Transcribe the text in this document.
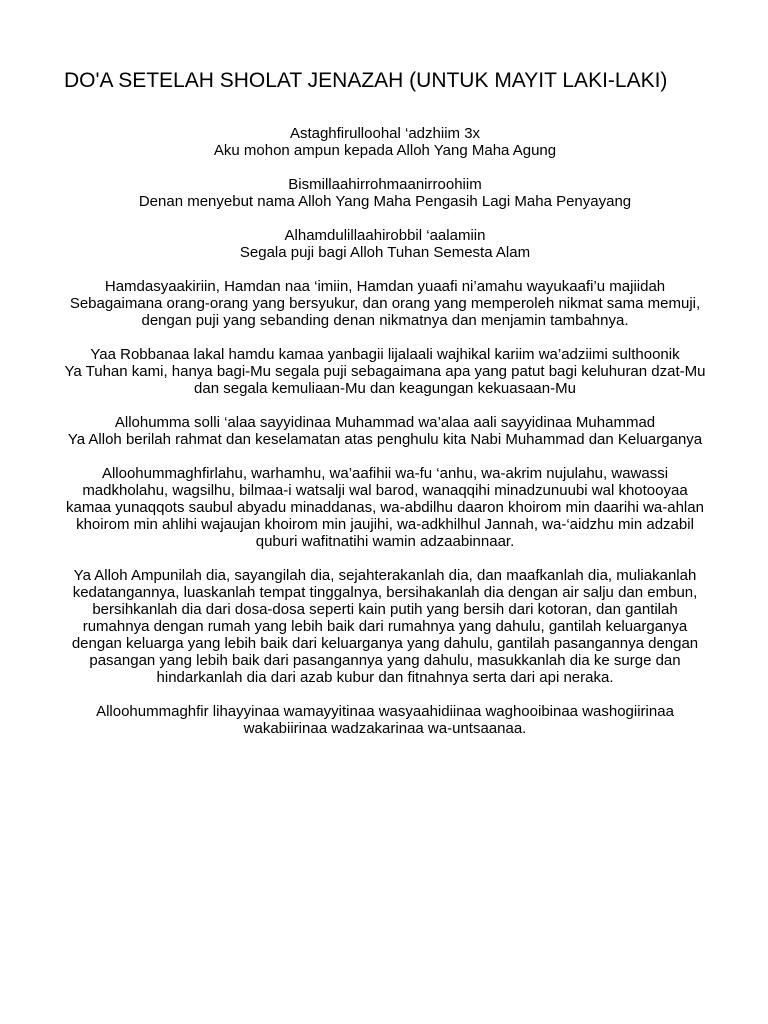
DO'A SETELAH SHOLAT JENAZAH (UNTUK MAYIT LAKI-LAKI)

Astaghfirulloohal ‘adzhiim 3x
Aku mohon ampun kepada Alloh Yang Maha Agung

Bismillaahirrohmaanirroohiim
Denan menyebut nama Alloh Yang Maha Pengasih Lagi Maha Penyayang

Alhamdulillaahirobbil ‘aalamiin
Segala puji bagi Alloh Tuhan Semesta Alam

Hamdasyaakiriin, Hamdan naa ‘imiin, Hamdan yuaafi ni’amahu wayukaafi’u majiidah
Sebagaimana orang-orang yang bersyukur, dan orang yang memperoleh nikmat sama memuji, dengan puji yang sebanding denan nikmatnya dan menjamin tambahnya.

Yaa Robbanaa lakal hamdu kamaa yanbagii lijalaali wajhikal kariim wa’adziimi sulthoonik
Ya Tuhan kami, hanya bagi-Mu segala puji sebagaimana apa yang patut bagi keluhuran dzat-Mu dan segala kemuliaan-Mu dan keagungan kekuasaan-Mu

Allohumma solli ‘alaa sayyidinaa Muhammad wa’alaa aali sayyidinaa Muhammad
Ya Alloh berilah rahmat dan keselamatan atas penghulu kita Nabi Muhammad dan Keluarganya

Alloohummaghfirlahu, warhamhu, wa’aafihii wa-fu ‘anhu, wa-akrim nujulahu, wawassi madkholahu, wagsilhu, bilmaa-i watsalji wal barod, wanaqqihi minadzunuubi wal khotooyaa kamaa yunaqqots saubul abyadu minaddanas, wa-abdilhu daaron khoirom min daarihi wa-ahlan khoirom min ahlihi wajaujan khoirom min jaujihi, wa-adkhilhul Jannah, wa-‘aidzhu min adzabil quburi wafitnatihi wamin adzaabinnaar.

Ya Alloh Ampunilah dia, sayangilah dia, sejahterakanlah dia, dan maafkanlah dia, muliakanlah kedatangannya, luaskanlah tempat tinggalnya, bersihakanlah dia dengan air salju dan embun, bersihkanlah dia dari dosa-dosa seperti kain putih yang bersih dari kotoran, dan gantilah rumahnya dengan rumah yang lebih baik dari rumahnya yang dahulu, gantilah keluarganya dengan keluarga yang lebih baik dari keluarganya yang dahulu, gantilah pasangannya dengan pasangan yang lebih baik dari pasangannya yang dahulu, masukkanlah dia ke surge dan hindarkanlah dia dari azab kubur dan fitnahnya serta dari api neraka.

Alloohummaghfir lihayyinaa wamayyitinaa wasyaahidiinaa waghooibinaa washogiirinaa wakabiirinaa wadzakarinaa wa-untsaanaa.
